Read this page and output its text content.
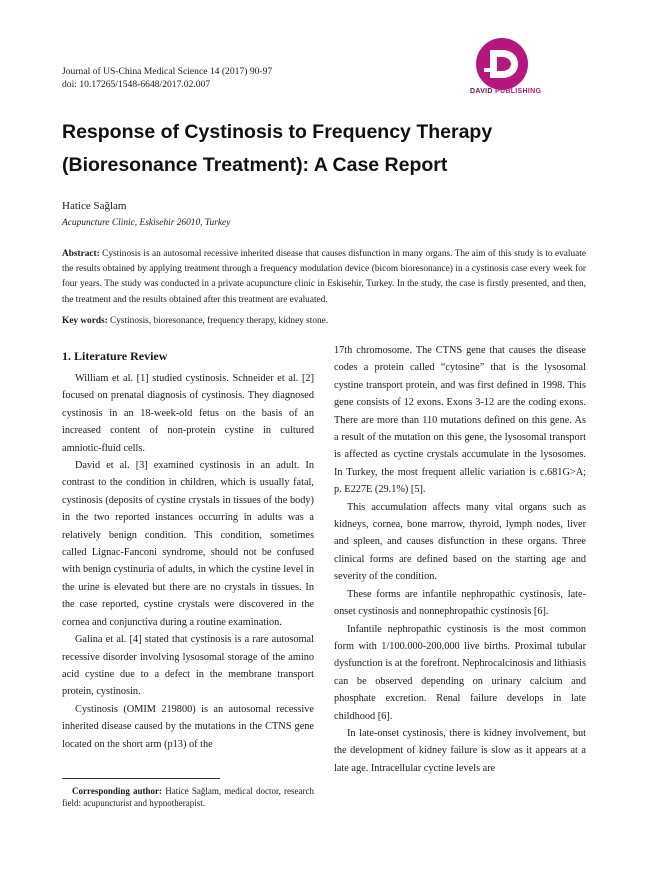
Journal of US-China Medical Science 14 (2017) 90-97
doi: 10.17265/1548-6648/2017.02.007
DAVID PUBLISHING
Response of Cystinosis to Frequency Therapy
(Bioresonance Treatment): A Case Report
Hatice Sağlam
Acupuncture Clinic, Eskisehir 26010, Turkey
Abstract: Cystinosis is an autosomal recessive inherited disease that causes disfunction in many organs. The aim of this study is to evaluate the results obtained by applying treatment through a frequency modulation device (bicom bioresonance) in a cystinosis case every week for four years. The study was conducted in a private acupuncture clinic in Eskisehir, Turkey. In the study, the case is firstly presented, and then, the treatment and the results obtained after this treatment are evaluated.
Key words: Cystinosis, bioresonance, frequency therapy, kidney stone.
1. Literature Review

William et al. [1] studied cystinosis. Schneider et al. [2] focused on prenatal diagnosis of cystinosis. They diagnosed cystinosis in an 18-week-old fetus on the basis of an increased content of non-protein cystine in cultured amniotic-fluid cells.

David et al. [3] examined cystinosis in an adult. In contrast to the condition in children, which is usually fatal, cystinosis (deposits of cystine crystals in tissues of the body) in the two reported instances occurring in adults was a relatively benign condition. This condition, sometimes called Lignac-Fanconi syndrome, should not be confused with benign cystinuria of adults, in which the cystine level in the urine is elevated but there are no crystals in tissues. In the case reported, cystine crystals were discovered in the cornea and conjunctiva during a routine examination.

Galina et al. [4] stated that cystinosis is a rare autosomal recessive disorder involving lysosomal storage of the amino acid cystine due to a defect in the membrane transport protein, cystinosin.

Cystinosis (OMIM 219800) is an autosomal recessive inherited disease caused by the mutations in the CTNS gene located on the short arm (p13) of the

17th chromosome. The CTNS gene that causes the disease codes a protein called “cytosine” that is the lysosomal cystine transport protein, and was first defined in 1998. This gene consists of 12 exons. Exons 3-12 are the coding exons. There are more than 110 mutations defined on this gene. As a result of the mutation on this gene, the lysosomal transport is affected as cyctine crystals accumulate in the lysosomes. In Turkey, the most frequent allelic variation is c.681G>A; p. E227E (29.1%) [5].

This accumulation affects many vital organs such as kidneys, cornea, bone marrow, thyroid, lymph nodes, liver and spleen, and causes disfunction in these organs. Three clinical forms are defined based on the starting age and severity of the condition.

These forms are infantile nephropathic cystinosis, late-onset cystinosis and nonnephropathic cystinosis [6].

Infantile nephropathic cystinosis is the most common form with 1/100.000-200.000 live births. Proximal tubular dysfunction is at the forefront. Nephrocalcinosis and lithiasis can be observed depending on urinary calcium and phosphate excretion. Renal failure develops in late childhood [6].

In late-onset cystinosis, there is kidney involvement, but the development of kidney failure is slow as it appears at a late age. Intracellular cyctine levels are

Corresponding author: Hatice Sağlam, medical doctor, research field: acupuncturist and hypnotherapist.
